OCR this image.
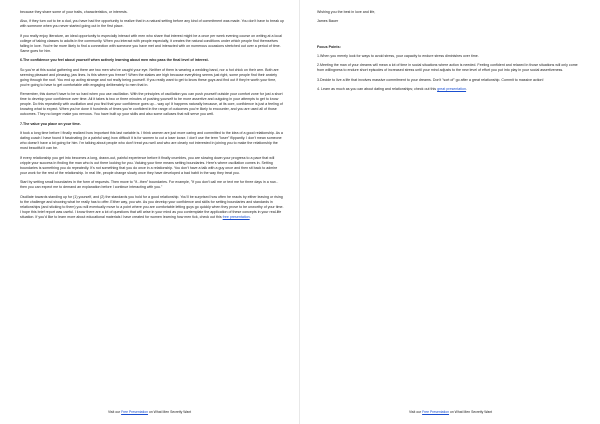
because they share some of your traits, characteristics, or interests.

Also, if they turn out to be a dud, you have had the opportunity to realize that in a natural setting before any kind of commitment was made. You don't have to break up with someone when you never started going out in the first place.

If you really enjoy literature, an ideal opportunity to especially interact with men who share that interest might be a once per week evening course on writing at a local college of taking classes to adults in the community. When you interact with people especially, it creates the natural conditions under which people find themselves falling in love. You're far more likely to find a connection with someone you have met and interacted with on numerous occasions stretched out over a period of time. Same goes for him.

6.The confidence you feel about yourself when actively learning about men who pass the final level of interest.

So you're at this social gathering and there are two men who've caught your eye. Neither of them is wearing a wedding band, nor a hot chick on their arm. Both are seeming pleasant and pleasing, jaw lines. Is this where you freeze? When the stakes are high because everything seems just right, some people find their anxiety going through the roof. You end up acting strange and not really being yourself. If you really want to get to know these guys and find out if they're worth your time, you're going to have to get comfortable with engaging deliberately to men that in.

Remember, this doesn't have to be so hard when you use oscillation. With the principles of oscillation you can push yourself outside your comfort zone for just a short time to develop your confidence over time. All it takes is two or three minutes of pushing yourself to be more assertive and outgoing in your attempts to get to know people. Do this repeatedly with oscillation and you find that your confidence goes up... way up! It happens naturally because, at its core, confidence is just a feeling of knowing what to expect. When you've done it hundreds of times you're confident in the range of outcomes you're likely to encounter, and you are used all of those outcomes. They no longer make you nervous. You have built up your skills and also some calluses that will serve you well.

7.The value you place on your time.

It took a long time before I finally realized how important this last variable is. I think women are just more caring and committed to the idea of a good relationship. As a dating coach I have found it fascinating (in a painful way) how difficult it is for women to cut a loser loose. I don't use the term "loser" flippantly. I don't mean someone who doesn't have a lot going for him. I'm talking about people who don't treat you well and who are clearly not interested in joining you to make the relationship the most beautiful it can be.

If every relationship you get into becomes a long, drawn-out, painful experience before it finally crumbles, you are slowing down your progress to a pace that will cripple your success in finding the man who is out there looking for you. Valuing your time means setting boundaries. Here's where oscillation comes in. Setting boundaries is something you do repeatedly. It's not something that you do once in a relationship. You don't have a talk with a guy once and then sit back to admire your work for the rest of the relationship. In real life, people change slowly once they have developed a bad habit in the way they treat you.

Start by setting small boundaries in the form of requests. Then move to "if...then" boundaries. For example, "If you don't call me or text me for three days in a row... then you can expect me to demand an explanation before I continue interacting with you."

Oscillate towards standing up for (1) yourself, and (2) the standards you hold for a good relationship. You'll be surprised how often he reacts by either leaving or rising to the challenge and showing what he really has to offer. Either way, you win. As you develop your confidence and skills for setting boundaries and standards in relationships (and sticking to them) you will eventually move to a point where you are comfortable letting guys go quickly when they prove to be unworthy of your time. I hope this brief report was useful. I know there are a lot of questions that will arise in your mind as you contemplate the application of these concepts in your real-life situation. If you'd like to learn more about educational materials I have created for women learning how men tick, check out this free presentation.

Visit our Free Presentation on What Men Secretly Want

Wishing you the best in love and life,

James Bauer

Focus Points:

1.When you merely look for ways to avoid stress, your capacity to endure stress diminishes over time.

2.Meeting the man of your dreams will mean a lot of time in social situations where action is needed. Feeling confident and relaxed in those situations will only come from willingness to endure short episodes of increased stress until your mind adjusts to the new level of effort you put into play in your social assertiveness.

3.Decide to live a life that involves massive commitment to your dreams. Don't "sort of" go after a great relationship. Commit to massive action!

4. Learn as much as you can about dating and relationships; check out this great presentation.

Visit our Free Presentation on What Men Secretly Want
